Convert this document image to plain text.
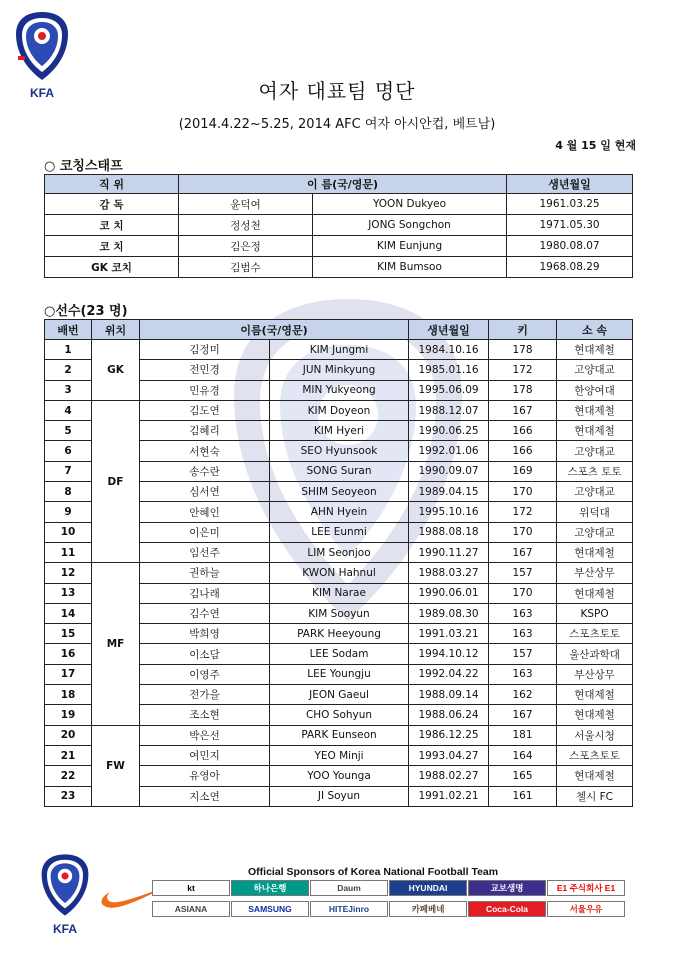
KFA	여자 대표팀 명단
(2014.4.22~5.25, 2014 AFC 여자 아시안컵, 베트남)
4 월 15 일 현재
○ 코칭스태프
직 위	이 름(국/영문)		생년월일
감 독	윤덕여	YOON Dukyeo	1961.03.25
코 치	정성천	JONG Songchon	1971.05.30
코 치	김은정	KIM Eunjung	1980.08.07
GK 코치	김범수	KIM Bumsoo	1968.08.29
○선수(23 명)
배번	위치	이름(국/영문)		생년월일	키	소 속
1	GK	김정미	KIM Jungmi	1984.10.16	178	현대제철
2		전민경	JUN Minkyung	1985.01.16	172	고양대교
3		민유경	MIN Yukyeong	1995.06.09	178	한양여대
4	DF	김도연	KIM Doyeon	1988.12.07	167	현대제철
5		김혜리	KIM Hyeri	1990.06.25	166	현대제철
6		서현숙	SEO Hyunsook	1992.01.06	166	고양대교
7		송수란	SONG Suran	1990.09.07	169	스포츠 토토
8		심서연	SHIM Seoyeon	1989.04.15	170	고양대교
9		안혜인	AHN Hyein	1995.10.16	172	위덕대
10		이은미	LEE Eunmi	1988.08.18	170	고양대교
11		임선주	LIM Seonjoo	1990.11.27	167	현대제철
12	MF	권하늘	KWON Hahnul	1988.03.27	157	부산상무
13		김나래	KIM Narae	1990.06.01	170	현대제철
14		김수연	KIM Sooyun	1989.08.30	163	KSPO
15		박희영	PARK Heeyoung	1991.03.21	163	스포츠토토
16		이소담	LEE Sodam	1994.10.12	157	울산과학대
17		이영주	LEE Youngju	1992.04.22	163	부산상무
18		전가을	JEON Gaeul	1988.09.14	162	현대제철
19		조소현	CHO Sohyun	1988.06.24	167	현대제철
20	FW	박은선	PARK Eunseon	1986.12.25	181	서울시청
21		여민지	YEO Minji	1993.04.27	164	스포츠토토
22		유영아	YOO Younga	1988.02.27	165	현대제철
23		지소연	JI Soyun	1991.02.21	161	첼시 FC
KFA
Official Sponsors of Korea National Football Team
kt	하나은행	Daum	HYUNDAI	교보생명	E1 주식회사 E1
ASIANA	SAMSUNG	HITEJinro	카페베네	Coca-Cola	서울우유
